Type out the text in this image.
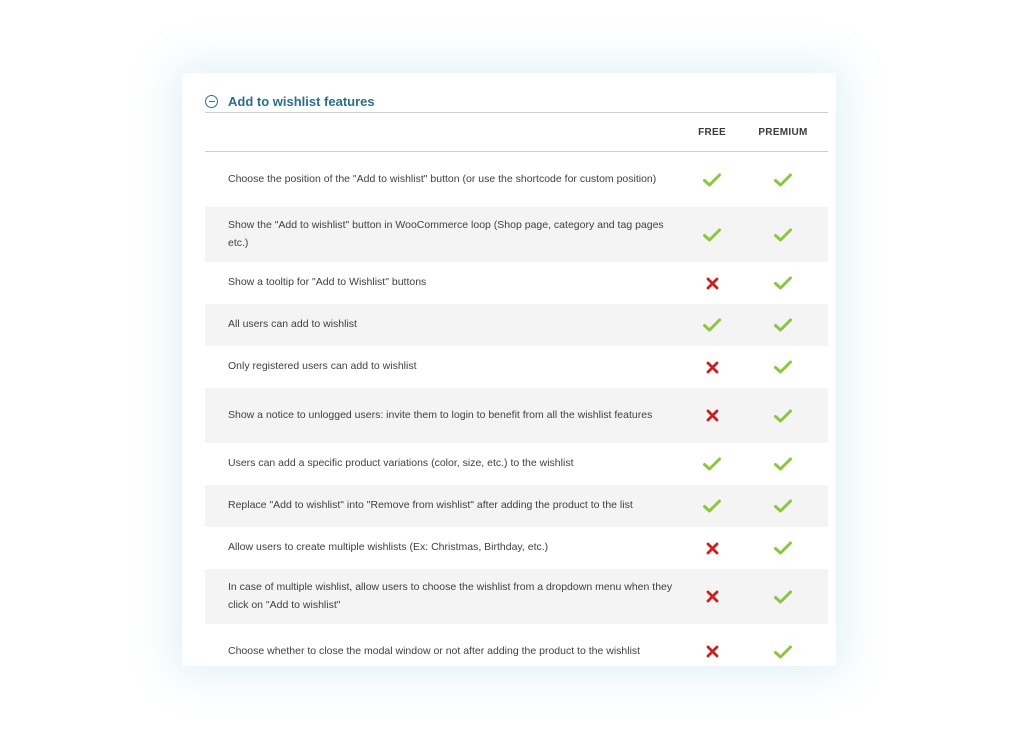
Add to wishlist features
FREE	PREMIUM
Choose the position of the "Add to wishlist" button (or use the shortcode for custom position)
Show the "Add to wishlist" button in WooCommerce loop (Shop page, category and tag pages etc.)
Show a tooltip for "Add to Wishlist" buttons
All users can add to wishlist
Only registered users can add to wishlist
Show a notice to unlogged users: invite them to login to benefit from all the wishlist features
Users can add a specific product variations (color, size, etc.) to the wishlist
Replace "Add to wishlist" into "Remove from wishlist" after adding the product to the list
Allow users to create multiple wishlists (Ex: Christmas, Birthday, etc.)
In case of multiple wishlist, allow users to choose the wishlist from a dropdown menu when they click on "Add to wishlist"
Choose whether to close the modal window or not after adding the product to the wishlist
